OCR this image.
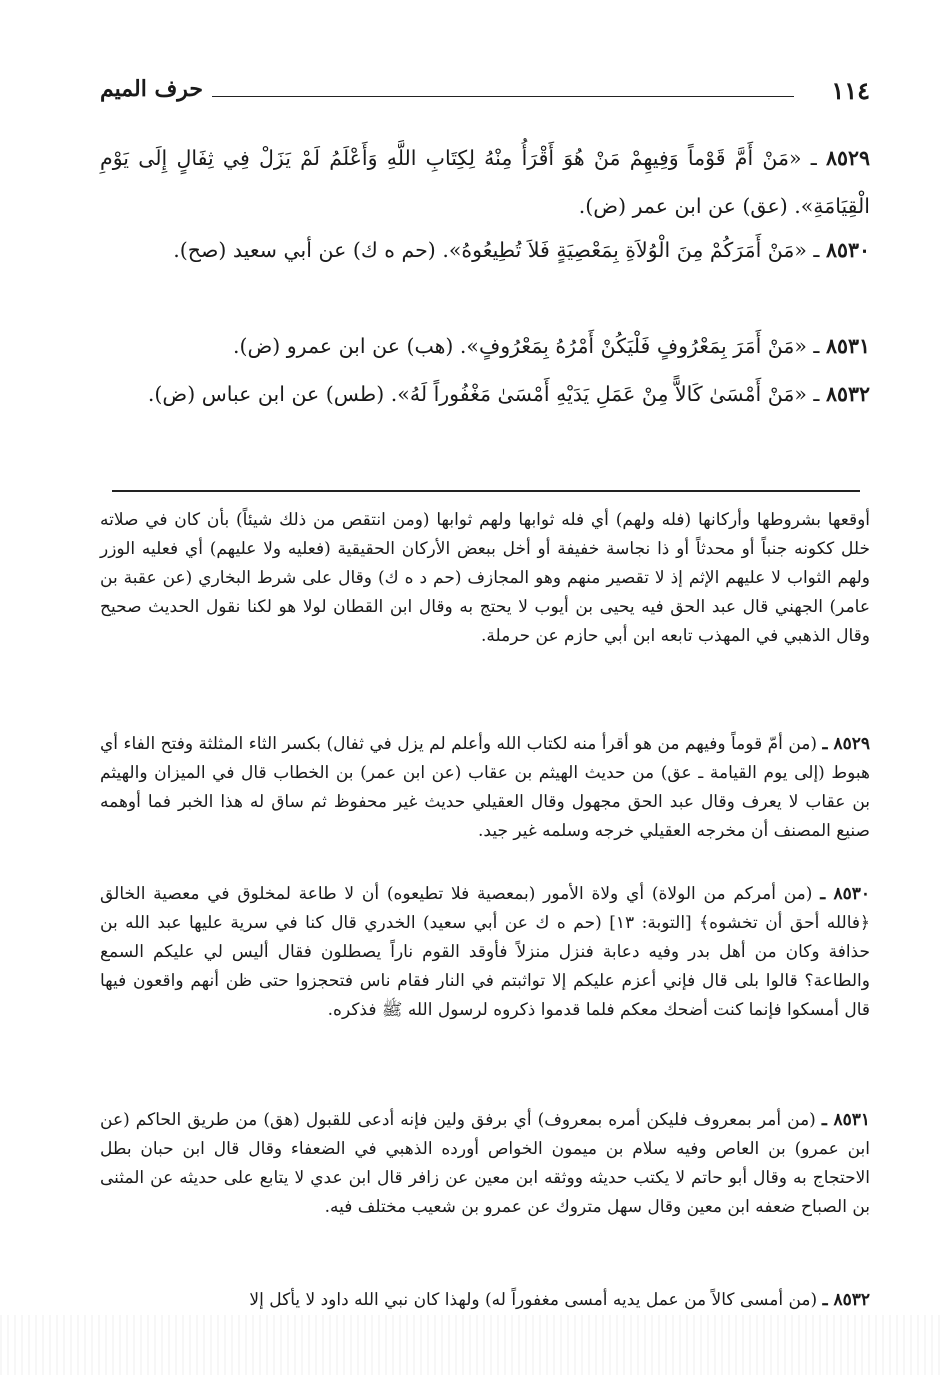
١١٤
حرف الميم
٨٥٢٩ ـ «مَنْ أَمَّ قَوْماً وَفِيهِمْ مَنْ هُوَ أَقْرَأُ مِنْهُ لِكِتَابِ اللَّهِ وَأَعْلَمُ لَمْ يَزَلْ فِي ثِفَالٍ إِلَى يَوْمِ الْقِيَامَةِ». (عق) عن ابن عمر (ض).
٨٥٣٠ ـ «مَنْ أَمَرَكُمْ مِنَ الْوُلاَةِ بِمَعْصِيَةٍ فَلاَ تُطِيعُوهُ». (حم ه ك) عن أبي سعيد (صح).
٨٥٣١ ـ «مَنْ أَمَرَ بِمَعْرُوفٍ فَلْيَكُنْ أَمْرُهُ بِمَعْرُوفٍ». (هب) عن ابن عمرو (ض).
٨٥٣٢ ـ «مَنْ أَمْسَىٰ كَالاًّ مِنْ عَمَلِ يَدَيْهِ أَمْسَىٰ مَغْفُوراً لَهُ». (طس) عن ابن عباس (ض).
أوقعها بشروطها وأركانها (فله ولهم) أي فله ثوابها ولهم ثوابها (ومن انتقص من ذلك شيئاً) بأن كان في صلاته خلل ككونه جنباً أو محدثاً أو ذا نجاسة خفيفة أو أخل ببعض الأركان الحقيقية (فعليه ولا عليهم) أي فعليه الوزر ولهم الثواب لا عليهم الإثم إذ لا تقصير منهم وهو المجازف (حم د ه ك) وقال على شرط البخاري (عن عقبة بن عامر) الجهني قال عبد الحق فيه يحيى بن أيوب لا يحتج به وقال ابن القطان لولا هو لكنا نقول الحديث صحيح وقال الذهبي في المهذب تابعه ابن أبي حازم عن حرملة.
٨٥٢٩ ـ (من أمّ قوماً وفيهم من هو أقرأ منه لكتاب الله وأعلم لم يزل في ثفال) بكسر الثاء المثلثة وفتح الفاء أي هبوط (إلى يوم القيامة ـ عق) من حديث الهيثم بن عقاب (عن ابن عمر) بن الخطاب قال في الميزان والهيثم بن عقاب لا يعرف وقال عبد الحق مجهول وقال العقيلي حديث غير محفوظ ثم ساق له هذا الخبر فما أوهمه صنيع المصنف أن مخرجه العقيلي خرجه وسلمه غير جيد.
٨٥٣٠ ـ (من أمركم من الولاة) أي ولاة الأمور (بمعصية فلا تطيعوه) أن لا طاعة لمخلوق في معصية الخالق ﴿فالله أحق أن تخشوه﴾ [التوبة: ١٣] (حم ه ك عن أبي سعيد) الخدري قال كنا في سرية عليها عبد الله بن حذافة وكان من أهل بدر وفيه دعابة فنزل منزلاً فأوقد القوم ناراً يصطلون فقال أليس لي عليكم السمع والطاعة؟ قالوا بلى قال فإني أعزم عليكم إلا تواثبتم في النار فقام ناس فتحجزوا حتى ظن أنهم واقعون فيها قال أمسكوا فإنما كنت أضحك معكم فلما قدموا ذكروه لرسول الله ﷺ فذكره.
٨٥٣١ ـ (من أمر بمعروف فليكن أمره بمعروف) أي برفق ولين فإنه أدعى للقبول (هق) من طريق الحاكم (عن ابن عمرو) بن العاص وفيه سلام بن ميمون الخواص أورده الذهبي في الضعفاء وقال قال ابن حبان بطل الاحتجاج به وقال أبو حاتم لا يكتب حديثه ووثقه ابن معين عن زافر قال ابن عدي لا يتابع على حديثه عن المثنى بن الصباح ضعفه ابن معين وقال سهل متروك عن عمرو بن شعيب مختلف فيه.
٨٥٣٢ ـ (من أمسى كالاً من عمل يديه أمسى مغفوراً له) ولهذا كان نبي الله داود لا يأكل إلا
